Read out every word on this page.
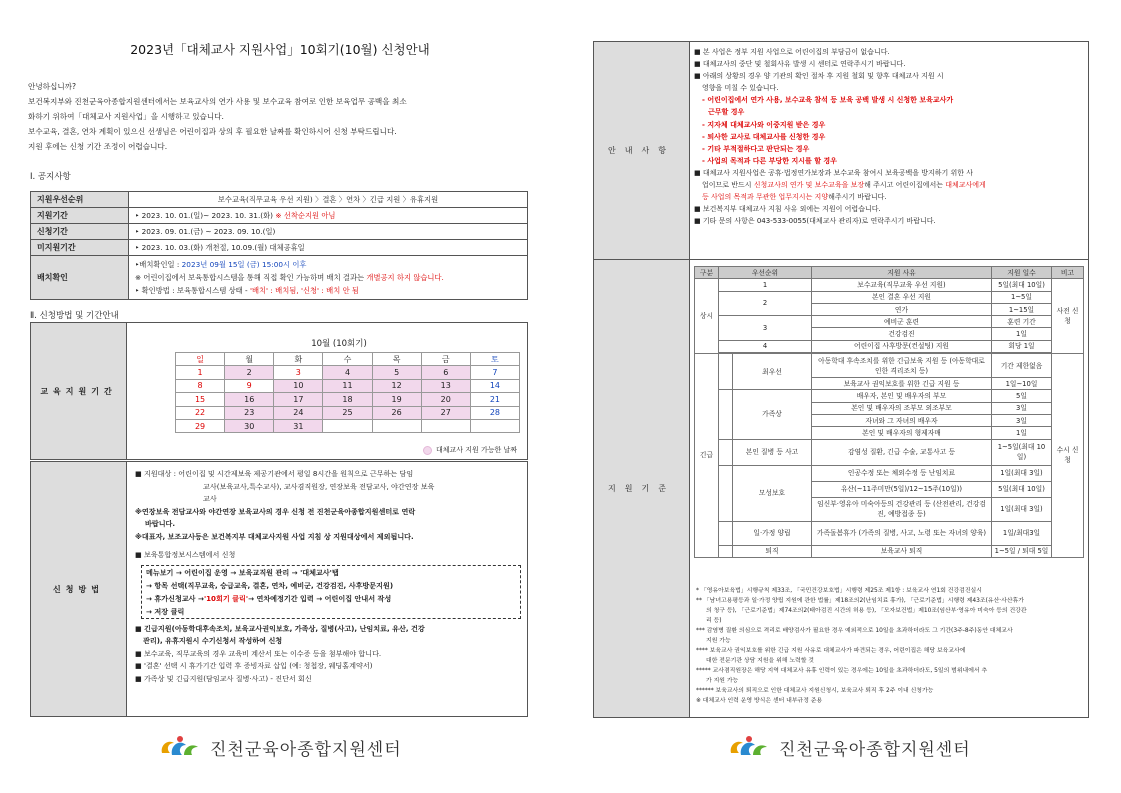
2023년「대체교사 지원사업」10회기(10월) 신청안내
안녕하십니까?
보건복지부와 진천군육아종합지원센터에서는 보육교사의 연가 사용 및 보수교육 참여로 인한 보육업무 공백을 최소
화하기 위하여「대체교사 지원사업」을 시행하고 있습니다.
보수교육, 결혼, 연차 계획이 있으신 선생님은 어린이집과 상의 후 필요한 날짜를 확인하시어 신청 부탁드립니다.
지원 후에는 신청 기간 조정이 어렵습니다.
Ⅰ. 공지사항
지원우선순위	보수교육(직무교육 우선 지원) 〉결혼 〉연차 〉긴급 지원 〉유휴지원
지원기간	‣ 2023. 10. 01.(일)~ 2023. 10. 31.(화) ※ 선착순지원 아님
신청기간	‣ 2023. 09. 01.(금) ~ 2023. 09. 10.(일)
미지원기간	‣ 2023. 10. 03.(화) 개천절, 10.09.(월) 대체공휴일
배치확인	‣배치확인일 : 2023년 09월 15일 (금) 15:00시 이후
※ 어린이집에서 보육통합시스템을 통해 직접 확인 가능하며 배치 결과는 개별공지 하지 않습니다.
‣ 확인방법 : 보육통합시스템 상태 - '배치' : 배치됨, '신청' : 배치 안 됨
Ⅱ. 신청방법 및 기간안내
교육지원기간
10월 (10회기)
일	월	화	수	목	금	토
1	2	3	4	5	6	7
8	9	10	11	12	13	14
15	16	17	18	19	20	21
22	23	24	25	26	27	28
29	30	31				
대체교사 지원 가능한 날짜
신청방법

■ 지원대상 : 어린이집 및 시간제보육 제공기관에서 평일 8시간을 원칙으로 근무하는 담임

교사(보육교사,특수교사), 교사겸직원장, 연장보육 전담교사, 야간연장 보육

교사

※연장보육 전담교사와 야간연장 보육교사의 경우 신청 전 진천군육아종합지원센터로 연락

바랍니다.

※대표자, 보조교사등은 보건복지부 대체교사지원 사업 지침 상 지원대상에서 제외됩니다.

■ 보육통합정보시스템에서 신청

메뉴보기 → 어린이집 운영 → 보육교직원 관리 → '대체교사'탭
→ 항목 선택(직무교육, 승급교육, 결혼, 연차, 예비군, 건강검진, 사후방문지원)
→ 휴가신청교사 →'10회기 클릭'→ 연차예정기간 입력 → 어린이집 안내서 작성
→ 저장 클릭

■ 긴급지원(아동학대후속조치, 보육교사권익보호, 가족상, 질병(사고), 난임치료, 유산, 건강

관리), 유휴지원시 수기신청서 작성하여 신청

■ 보수교육, 직무교육의 경우 교육비 계산서 또는 이수증 등을 첨부해야 합니다.

■ '결혼' 선택 시 휴가기간 입력 후 증빙자료 삽입 (예: 청첩장, 웨딩홀계약서)

■ 가족상 및 긴급지원(담임교사 질병·사고) - 진단서 회신

진천군육아종합지원센터
안내사항

■ 본 사업은 정부 지원 사업으로 어린이집의 부담금이 없습니다.

■ 대체교사의 중단 및 철회사유 발생 시 센터로 연락주시기 바랍니다.

■ 아래의 상황의 경우 양 기관의 확인 절차 후 지원 철회 및 향후 대체교사 지원 시

영향을 미칠 수 있습니다.

- 어린이집에서 연가 사용, 보수교육 참석 등 보육 공백 발생 시 신청한 보육교사가

근무할 경우

- 지자체 대체교사와 이중지원 받은 경우

- 퇴사한 교사로 대체교사를 신청한 경우

- 기타 부적절하다고 판단되는 경우

- 사업의 목적과 다른 부당한 지시를 할 경우

■ 대체교사 지원사업은 공휴·법정연가보장과 보수교육 참여시 보육공백을 방지하기 위한 사

업이므로 반드시 신청교사의 연가 및 보수교육을 보장해 주시고 어린이집에서는 대체교사에게

등 사업의 목적과 무관한 업무지시는 지양해주시기 바랍니다.

■ 보건복지부 대체교사 지침 사유 외에는 지원이 어렵습니다.

■ 기타 문의 사항은 043-533-0055(대체교사 관리자)로 연락주시기 바랍니다.

지원기준
구분	우선순위		지원 사유	지원 일수	비고
상시	1		보수교육(직무교육 우선 지원)	5일(최대 10일)	사전 신청
	2		본인 결혼 우선 지원	1~5일	
			연가	1~15일	
	3		예비군 훈련	훈련 기간	
			건강검진	1일	
	4		어린이집 사후방문(컨설팅) 지원	회당 1일	

긴급		최우선	아동학대 후속조치를 위한 긴급보육 지원 등 (아동학대로 인한 격리조치 등)	기간 제한없음	수시 신청
			보육교사 권익보호를 위한 긴급 지원 등	1일~10일	
		가족상	배우자, 본인 및 배우자의 부모	5일	
			본인 및 배우자의 조부모 외조부모	3일	
			자녀와 그 자녀의 배우자	3일	
			본인 및 배우자의 형제자매	1일	
		본인 질병 등 사고	감염성 질환, 긴급 수술, 교통사고 등	1~5일(최대 10일)	
		모성보호	인공수정 또는 체외수정 등 난임치료	1일(최대 3일)	
			유산(~11주미만(5일)/12~15주(10일))	5일(최대 10일)	
			임신부·영유아 미숙아등의 건강관리 등 (산전관리, 건강검진, 예방접종 등)	1일(최대 3일)	
		일·가정 양립	가족돌봄휴가 (가족의 질병, 사고, 노령 또는 자녀의 양육)	1일/최대3일	
		퇴직	보육교사 퇴직	1~5일 / 퇴대 5일	

* 「영유아보육법」시행규칙 제33조, 「국민건강보호법」시행령 제25조 제1항 : 보육교사 연1회 건강검진실시

** 「남녀고용평등과 일·가정 양립 지원에 관한 법률」제18조의2(난임치료 휴가), 「근로기준법」시행령 제43조(유산·사산휴가

의 청구 등), 「근로기준법」제74조의2(태아검진 시간의 허용 등), 「모자보건법」제10조(임산부·영유아 미숙아 등의 건강관

리 등)

*** 감염병 질환 의심으로 격리로 배양검사가 필요한 경우 예외적으로 10일을 초과하더라도 그 기간(3주-8주)동안 대체교사

지원 가능

**** 보육교사 권익보호를 위한 긴급 지원 사유로 대체교사가 파견되는 경우, 어린이집은 해당 보육교사에

대한 전문기관 상담 지원을 위해 노력할 것

***** 교사겸직원장은 해당 지역 대체교사 유휴 인력이 있는 경우에는 10일을 초과하더라도, 5일의 범위내에서 추

가 지원 가능

****** 보육교사의 퇴직으로 인한 대체교사 지원신청시, 보육교사 퇴직 후 2주 이내 신청가능

※ 대체교사 인력 운영 방식은 센터 내부규정 준용

진천군육아종합지원센터
